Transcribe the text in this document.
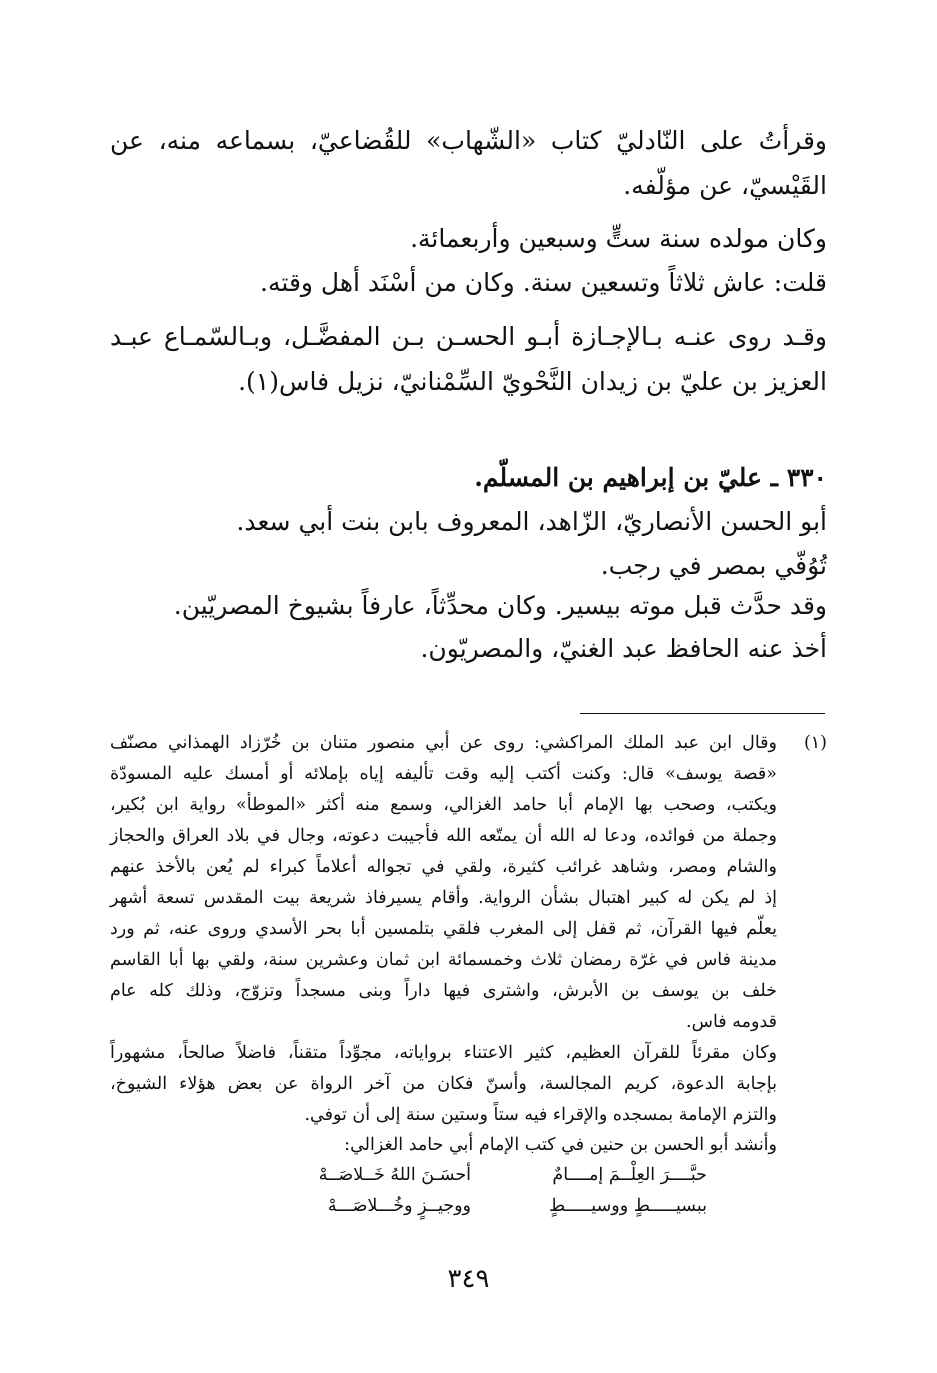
وقرأتُ على النّادليّ كتاب «الشّهاب» للقُضاعيّ، بسماعه منه، عن
القَيْسيّ، عن مؤلّفه.
وكان مولده سنة ستٍّ وسبعين وأربعمائة.
قلت: عاش ثلاثاً وتسعين سنة. وكان من أسْنَد أهل وقته.
وقـد روى عنـه بـالإجـازة أبـو الحسـن بـن المفضَّـل، وبـالسّمـاع عبـد
العزيز بن عليّ بن زيدان النَّحْويّ السِّمْنانيّ، نزيل فاس(١).
٣٣٠ ـ عليّ بن إبراهيم بن المسلّم.
أبو الحسن الأنصاريّ، الزّاهد، المعروف بابن بنت أبي سعد.
تُوُفّي بمصر في رجب.
وقد حدَّث قبل موته بيسير. وكان محدِّثاً، عارفاً بشيوخ المصريّين.
أخذ عنه الحافظ عبد الغنيّ، والمصريّون.
(١)
وقال ابن عبد الملك المراكشي: روى عن أبي منصور متنان بن خُرّزاد الهمذاني مصنّف
«قصة يوسف» قال: وكنت أكتب إليه وقت تأليفه إياه بإملائه أو أمسك عليه المسودّة
ويكتب، وصحب بها الإمام أبا حامد الغزالي، وسمع منه أكثر «الموطأ» رواية ابن بُكير،
وجملة من فوائده، ودعا له الله أن يمتّعه الله فأجيبت دعوته، وجال في بلاد العراق والحجاز
والشام ومصر، وشاهد غرائب كثيرة، ولقي في تجواله أعلاماً كبراء لم يُعن بالأخذ عنهم
إذ لم يكن له كبير اهتبال بشأن الرواية. وأقام يسيرفاذ شريعة بيت المقدس تسعة أشهر
يعلّم فيها القرآن، ثم قفل إلى المغرب فلقي بتلمسين أبا بحر الأسدي وروى عنه، ثم ورد
مدينة فاس في غرّة رمضان ثلاث وخمسمائة ابن ثمان وعشرين سنة، ولقي بها أبا القاسم
خلف بن يوسف بن الأبرش، واشترى فيها داراً وبنى مسجداً وتزوّج، وذلك كله عام
قدومه فاس.
وكان مقرئاً للقرآن العظيم، كثير الاعتناء برواياته، مجوِّداً متقناً، فاضلاً صالحاً، مشهوراً
بإجابة الدعوة، كريم المجالسة، وأسنّ فكان من آخر الرواة عن بعض هؤلاء الشيوخ،
والتزم الإمامة بمسجده والإقراء فيه ستاً وستين سنة إلى أن توفي.
وأنشد أبو الحسن بن حنين في كتب الإمام أبي حامد الغزالي:
حبَّــــرَ العِلْــمَ إمــــامٌ
أحسَـنَ اللهُ خَــلاصَــهْ
ببسيـــــطٍ ووسيـــــطٍ
ووجيــزٍ وخُـــلاصَـــهْ
٣٤٩
